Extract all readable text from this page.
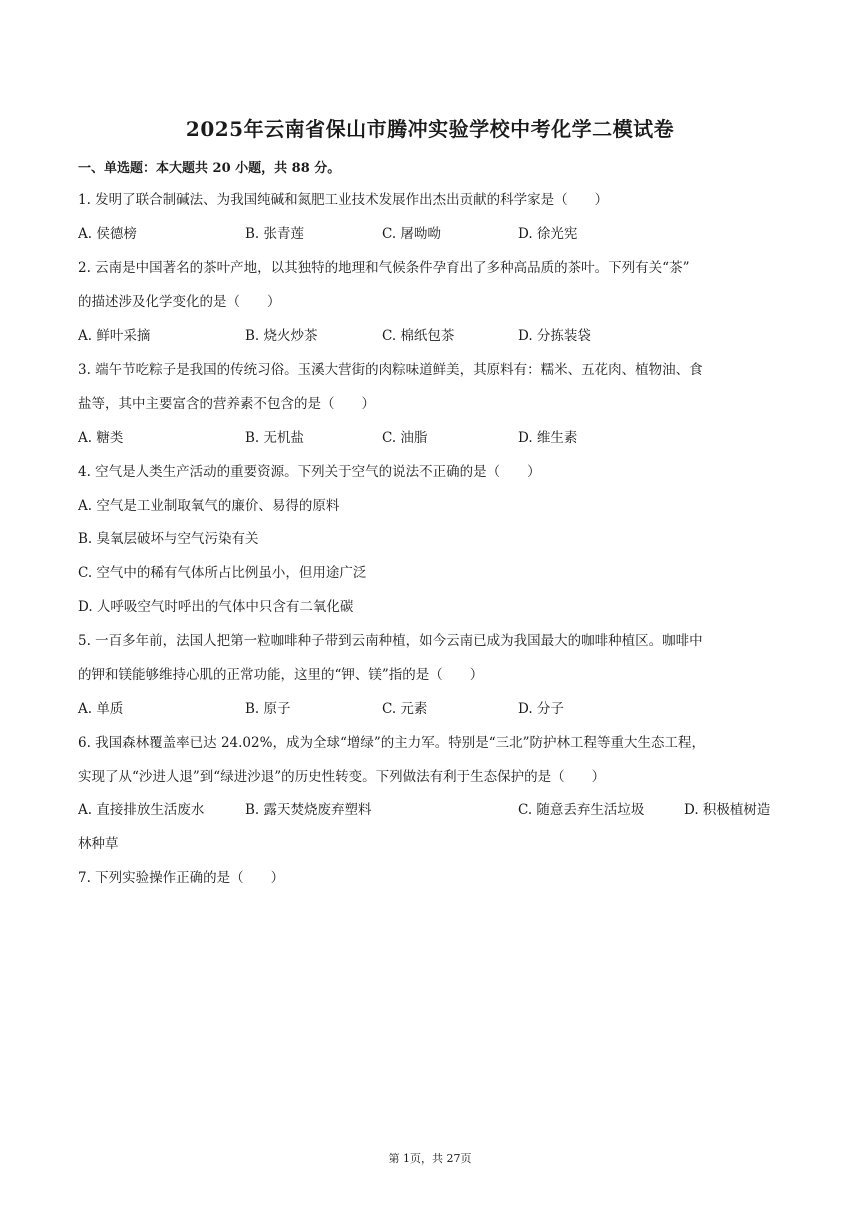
2025年云南省保山市腾冲实验学校中考化学二模试卷
一、单选题：本大题共 20 小题，共 88 分。
1. 发明了联合制碱法、为我国纯碱和氮肥工业技术发展作出杰出贡献的科学家是（　　）
A. 侯德榜	B. 张青莲	C. 屠呦呦	D. 徐光宪
2. 云南是中国著名的茶叶产地，以其独特的地理和气候条件孕育出了多种高品质的茶叶。下列有关“茶”
的描述涉及化学变化的是（　　）
A. 鲜叶采摘	B. 烧火炒茶	C. 棉纸包茶	D. 分拣装袋
3. 端午节吃粽子是我国的传统习俗。玉溪大营街的肉粽味道鲜美，其原料有：糯米、五花肉、植物油、食
盐等，其中主要富含的营养素不包含的是（　　）
A. 糖类	B. 无机盐	C. 油脂	D. 维生素
4. 空气是人类生产活动的重要资源。下列关于空气的说法不正确的是（　　）
A. 空气是工业制取氧气的廉价、易得的原料
B. 臭氧层破坏与空气污染有关
C. 空气中的稀有气体所占比例虽小，但用途广泛
D. 人呼吸空气时呼出的气体中只含有二氧化碳
5. 一百多年前，法国人把第一粒咖啡种子带到云南种植，如今云南已成为我国最大的咖啡种植区。咖啡中
的钾和镁能够维持心肌的正常功能，这里的“钾、镁”指的是（　　）
A. 单质	B. 原子	C. 元素	D. 分子
6. 我国森林覆盖率已达 24.02%，成为全球“增绿”的主力军。特别是“三北”防护林工程等重大生态工程，
实现了从“沙进人退”到“绿进沙退”的历史性转变。下列做法有利于生态保护的是（　　）
A. 直接排放生活废水	B. 露天焚烧废弃塑料	C. 随意丢弃生活垃圾	D. 积极植树造
林种草
7. 下列实验操作正确的是（　　）
第 1页，共 27页
